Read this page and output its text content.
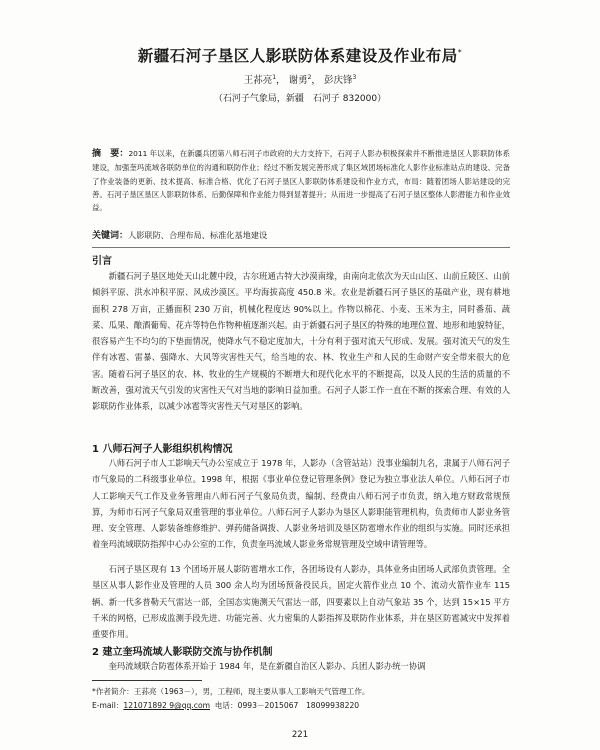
新疆石河子垦区人影联防体系建设及作业布局*
王荪亮$^1$， 谢勇$^2$， 彭庆锋$^3$
（石河子气象局，新疆　石河子 832000）
摘　要：2011 年以来，在新疆兵团第八师石河子市政府的大力支持下，石河子人影办积极探索并不断推进垦区人影联防体系建设，加强奎玛流域各联防单位的沟通和联防作业；经过不断发展完善形成了集区域团场标准化人影作业标准站点的建设、完备了作业装备的更新、技术提高、标准合格、优化了石河子垦区人影联防体系建设和作业方式，布局：随着团场人影站建设的完善。石河子垦区垦区人影联防体系、后勤保障和作业能力得到显著提升；从而进一步提高了石河子垦区整体人影潜能力和作业效益。
关键词：人影联防、合理布局、标准化基地建设
引言
新疆石河子垦区地处天山北麓中段，古尔班通古特大沙漠南缘，由南向北依次为天山山区、山前丘陵区、山前倾斜平原、洪水冲积平原、风成沙漠区。平均海拔高度 450.8 米。农业是新疆石河子垦区的基础产业，现有耕地面积 278 万亩，正播面积 230 万亩，机械化程度达 90%以上。作物以棉花、小麦、玉米为主，同时番茄、蔬菜、瓜果、酿酒葡萄、花卉等特色作物种植逐渐兴起。由于新疆石河子垦区的特殊的地理位置、地形和地貌特征，很容易产生不均匀的下垫面情况，使降水气不稳定度加大，十分有利于强对流天气形成、发展。强对流天气的发生伴有冰雹、雷暴、强降水、大风等灾害性天气，给当地的农、林、牧业生产和人民的生命财产安全带来很大的危害。随着石河子垦区的农、林、牧业的生产规模的不断增大和现代化水平的不断提高，以及人民的生活的质量的不断改善，强对流天气引发的灾害性天气对当地的影响日益加重。石河子人影工作一直在不断的探索合理、有效的人影联防作业体系，以减少冰雹等灾害性天气对垦区的影响。
1 八师石河子人影组织机构情况
八师石河子市人工影响天气办公室成立于 1978 年，人影办（含管站站）没事业编制九名，隶属于八师石河子市气象局的二科级事业单位。1998 年，根据《事业单位登记管理条例》登记为独立事业法人单位。八师石河子市人工影响天气工作及业务管理由八师石河子气象局负责，编制、经费由八师石河子市负责，纳入地方财政常规预算，为师市石河子气象局双重管理的事业单位。八师石河子人影办为垦区人影职能管理机构，负责师市人影业务管理、安全管理、人影装备维修维护、弹药储备调拨、人影业务培训及垦区防雹增水作业的组织与实施。同时还承担着奎玛流域联防指挥中心办公室的工作，负责奎玛流域人影业务常规管理及空域申请管理等。
石河子垦区现有 13 个团场开展人影防雹增水工作，各团场设有人影办，具体业务由团场人武部负责管理。全垦区从事人影作业及管理的人员 300 余人均为团场预备役民兵，固定火箭作业点 10 个、流动火箭作业车 115 辆、新一代多普勒天气雷达一部，全国态实施测天气雷达一部，四要素以上自动气象站 35 个，达到 15×15 平方千米的网格，已形成监测手段先进、功能完善、火力密集的人影指挥及联防作业体系，并在垦区防雹减灾中发挥着重要作用。
2 建立奎玛流域人影联防交流与协作机制
奎玛流域联合防雹体系开始于 1984 年，是在新疆自治区人影办、兵团人影办统一协调
*作者简介：王荪亮（1963－），男，工程师，现主要从事人工影响天气管理工作。
E-mail：121071892 9@qq.com 电话：0993－2015067　18099938220
221
